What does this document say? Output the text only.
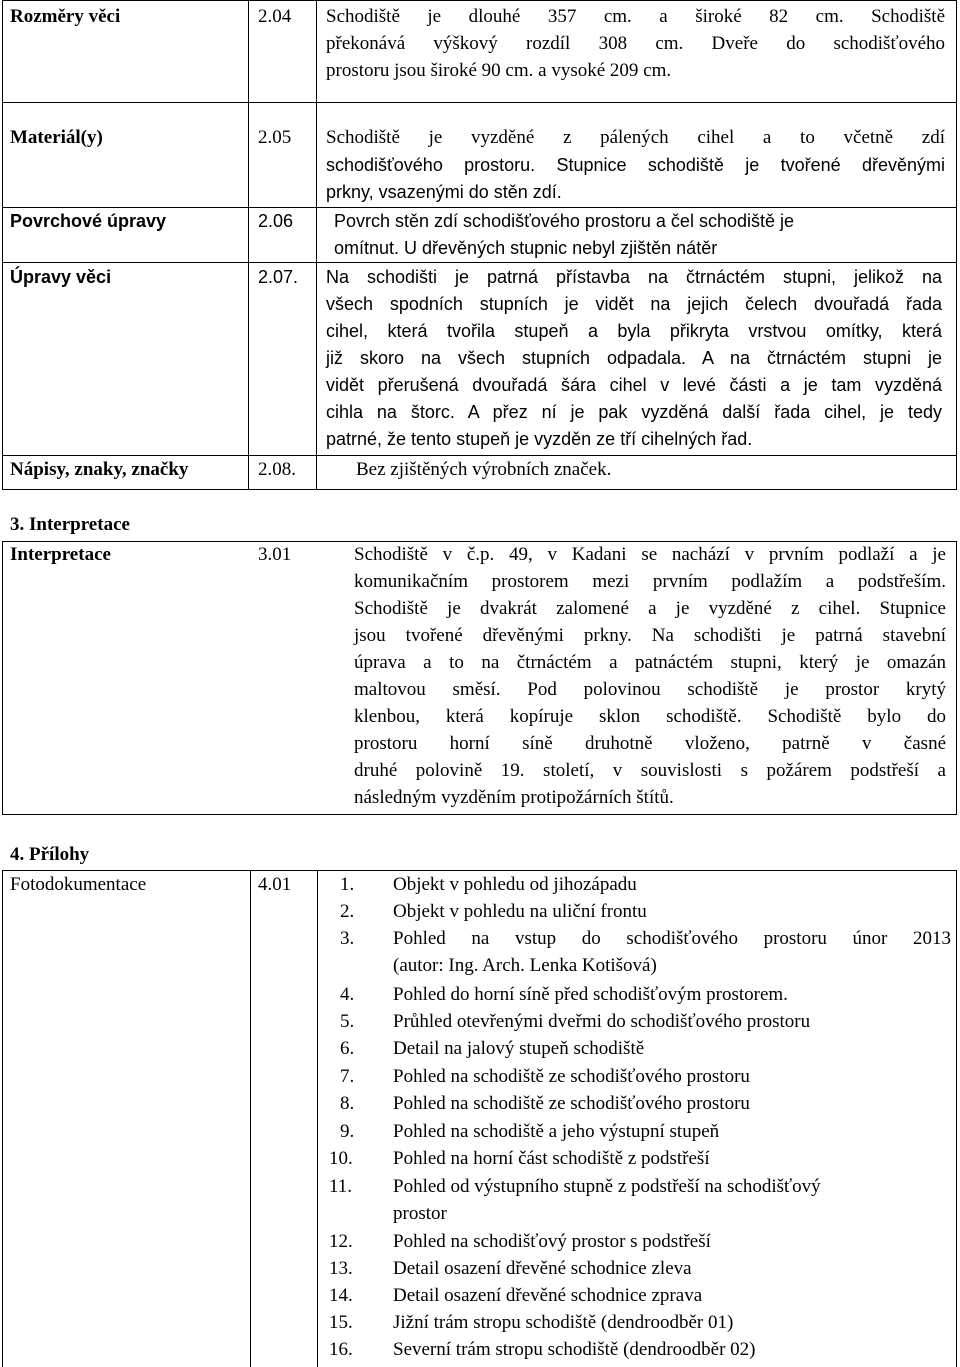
Rozměry věci	2.04 Schodiště je dlouhé 357 cm. a široké 82 cm. Schodiště
překonává výškový rozdíl 308 cm. Dveře do schodišťového
prostoru jsou široké 90 cm. a vysoké 209 cm.
Materiál(y)	2.05 Schodiště je vyzděné z pálených cihel a to včetně zdí
schodišťového prostoru. Stupnice schodiště je tvořené dřevěnými
prkny, vsazenými do stěn zdí.
Povrchové úpravy	2.06 Povrch stěn zdí schodišťového prostoru a čel schodiště je
omítnut. U dřevěných stupnic nebyl zjištěn nátěr
Úpravy věci	2.07. Na schodišti je patrná přístavba na čtrnáctém stupni, jelikož na
všech spodních stupních je vidět na jejich čelech dvouřadá řada
cihel, která tvořila stupeň a byla přikryta vrstvou omítky, která
již skoro na všech stupních odpadala. A na čtrnáctém stupni je
vidět přerušená dvouřadá šára cihel v levé části a je tam vyzděná
cihla na štorc. A přez ní je pak vyzděná další řada cihel, je tedy
patrné, že tento stupeň je vyzděn ze tří cihelných řad.
Nápisy, znaky, značky	2.08.	Bez zjištěných výrobních značek.
3. Interpretace
Interpretace	3.01	Schodiště v č.p. 49, v Kadani se nachází v prvním podlaží a je
komunikačním prostorem mezi prvním podlažím a podstřeším.
Schodiště je dvakrát zalomené a je vyzděné z cihel. Stupnice
jsou tvořené dřevěnými prkny. Na schodišti je patrná stavební
úprava a to na čtrnáctém a patnáctém stupni, který je omazán
maltovou směsí. Pod polovinou schodiště je prostor krytý
klenbou, která kopíruje sklon schodiště. Schodiště bylo do
prostoru horní síně druhotně vloženo, patrně v časné
druhé polovině 19. století, v souvislosti s požárem podstřeší a
následným vyzděním protipožárních štítů.
4. Přílohy
Fotodokumentace	4.01	1. Objekt v pohledu od jihozápadu
2. Objekt v pohledu na uliční frontu
3. Pohled na vstup do schodišťového prostoru únor 2013
(autor: Ing. Arch. Lenka Kotišová)
4. Pohled do horní síně před schodišťovým prostorem.
5. Průhled otevřenými dveřmi do schodišťového prostoru
6. Detail na jalový stupeň schodiště
7. Pohled na schodiště ze schodišťového prostoru
8. Pohled na schodiště ze schodišťového prostoru
9. Pohled na schodiště a jeho výstupní stupeň
10. Pohled na horní část schodiště z podstřeší
11. Pohled od výstupního stupně z podstřeší na schodišťový
prostor
12. Pohled na schodišťový prostor s podstřeší
13. Detail osazení dřevěné schodnice zleva
14. Detail osazení dřevěné schodnice zprava
15. Jižní trám stropu schodiště (dendroodběr 01)
16. Severní trám stropu schodiště (dendroodběr 02)
